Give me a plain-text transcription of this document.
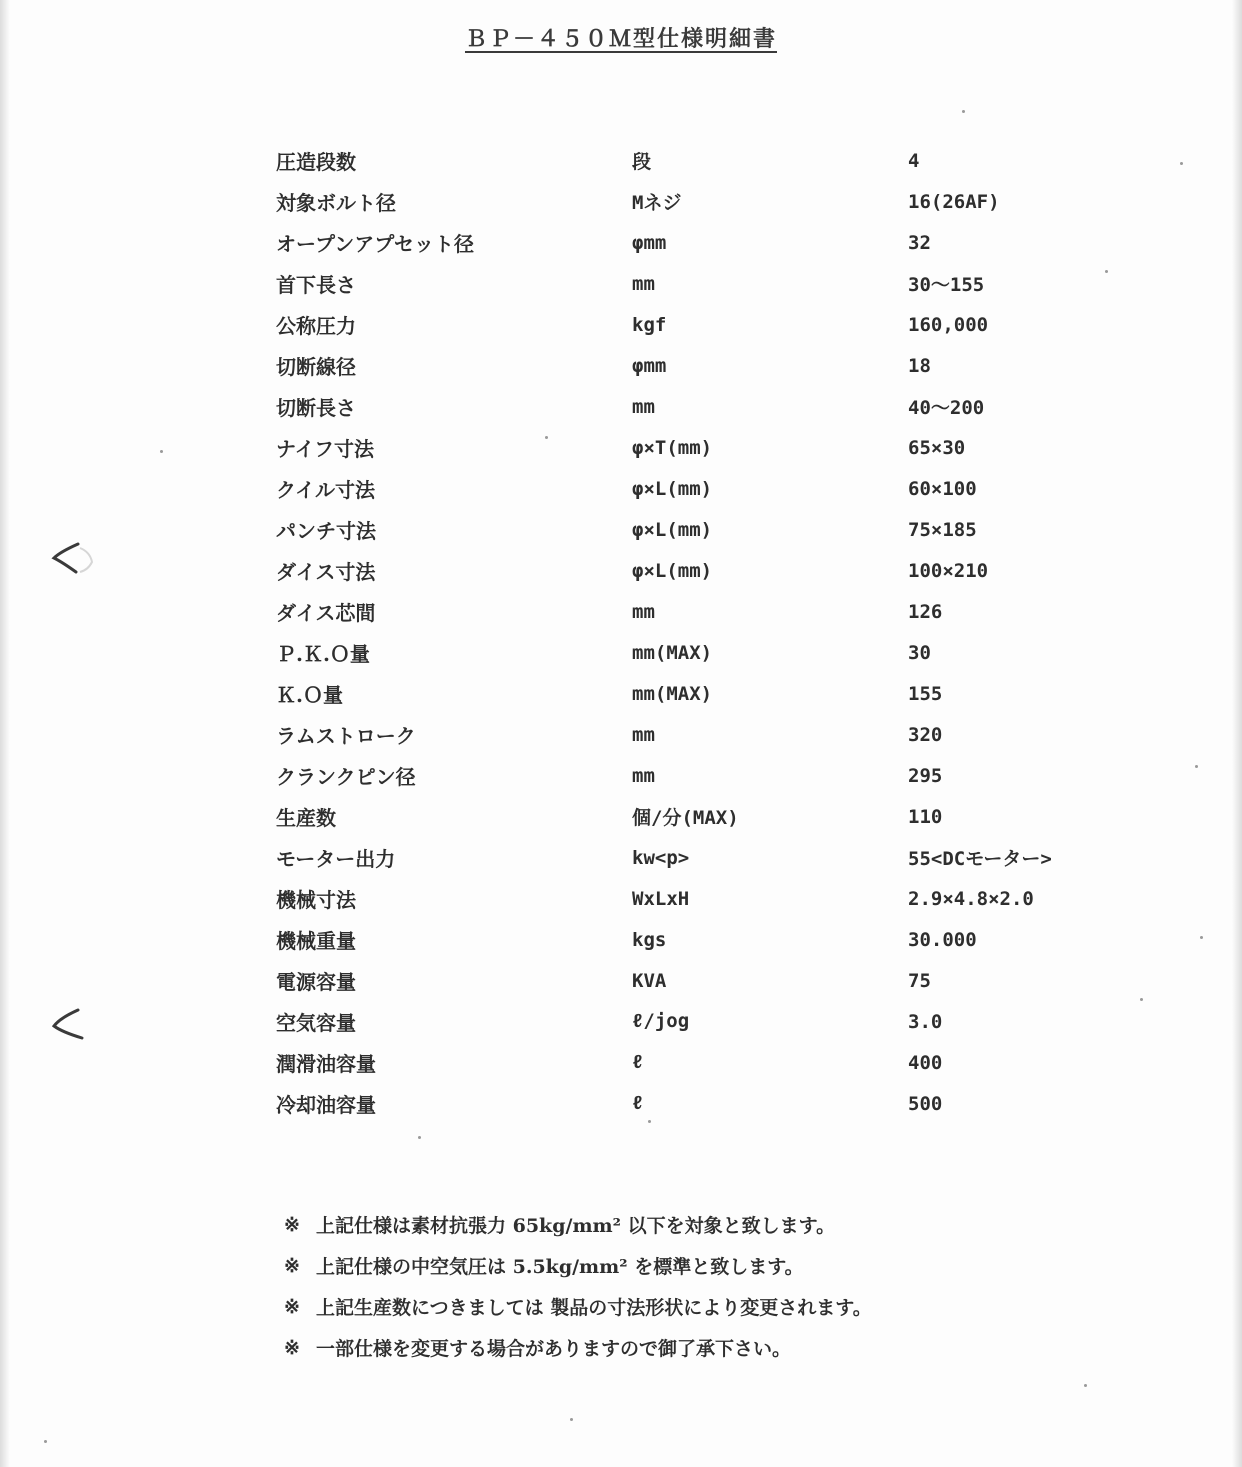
ＢＰ－４５０Ｍ型仕様明細書
圧造段数	段	4
対象ボルト径	Mネジ	16(26AF)
オープンアプセット径	φmm	32
首下長さ	mm	30〜155
公称圧力	kgf	160,000
切断線径	φmm	18
切断長さ	mm	40〜200
ナイフ寸法	φ×T(mm)	65×30
クイル寸法	φ×L(mm)	60×100
パンチ寸法	φ×L(mm)	75×185
ダイス寸法	φ×L(mm)	100×210
ダイス芯間	mm	126
Ｐ.Ｋ.Ｏ量	mm(MAX)	30
Ｋ.Ｏ量	mm(MAX)	155
ラムストローク	mm	320
クランクピン径	mm	295
生産数	個/分(MAX)	110
モーター出力	kw<p>	55<DCモーター>
機械寸法	WxLxH	2.9×4.8×2.0
機械重量	kgs	30.000
電源容量	KVA	75
空気容量	ℓ/jog	3.0
潤滑油容量	ℓ	400
冷却油容量	ℓ	500
※ 上記仕様は素材抗張力 65kg/mm² 以下を対象と致します。
※ 上記仕様の中空気圧は 5.5kg/mm² を標準と致します。
※ 上記生産数につきましては 製品の寸法形状により変更されます。
※ 一部仕様を変更する場合がありますので御了承下さい。
